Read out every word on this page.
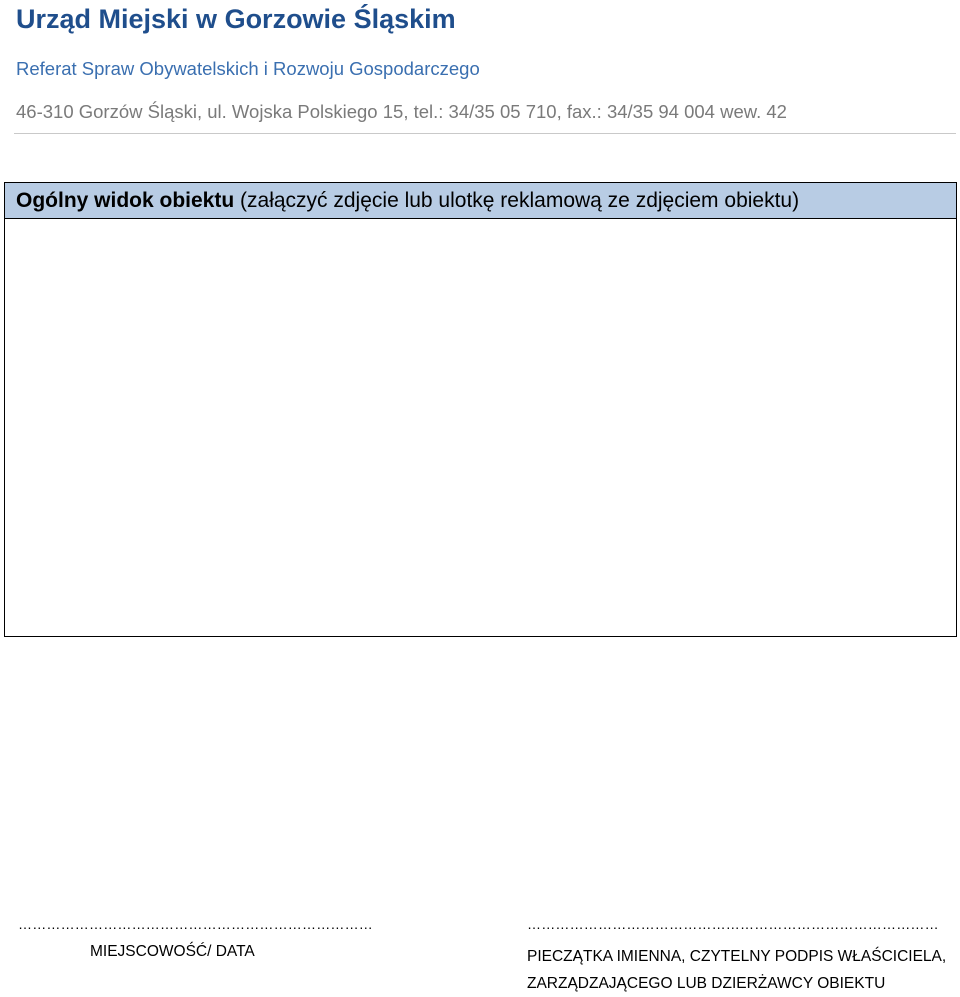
Urząd Miejski w Gorzowie Śląskim
Referat Spraw Obywatelskich i Rozwoju Gospodarczego
46-310 Gorzów Śląski, ul. Wojska Polskiego 15, tel.: 34/35 05 710, fax.: 34/35 94 004 wew. 42
Ogólny widok obiektu (załączyć zdjęcie lub ulotkę reklamową ze zdjęciem obiektu)
…………………………………………………………………	……………………………………………………………………………
MIEJSCOWOŚĆ/ DATA	PIECZĄTKA IMIENNA, CZYTELNY PODPIS WŁAŚCICIELA,
ZARZĄDZAJĄCEGO LUB DZIERŻAWCY OBIEKTU
